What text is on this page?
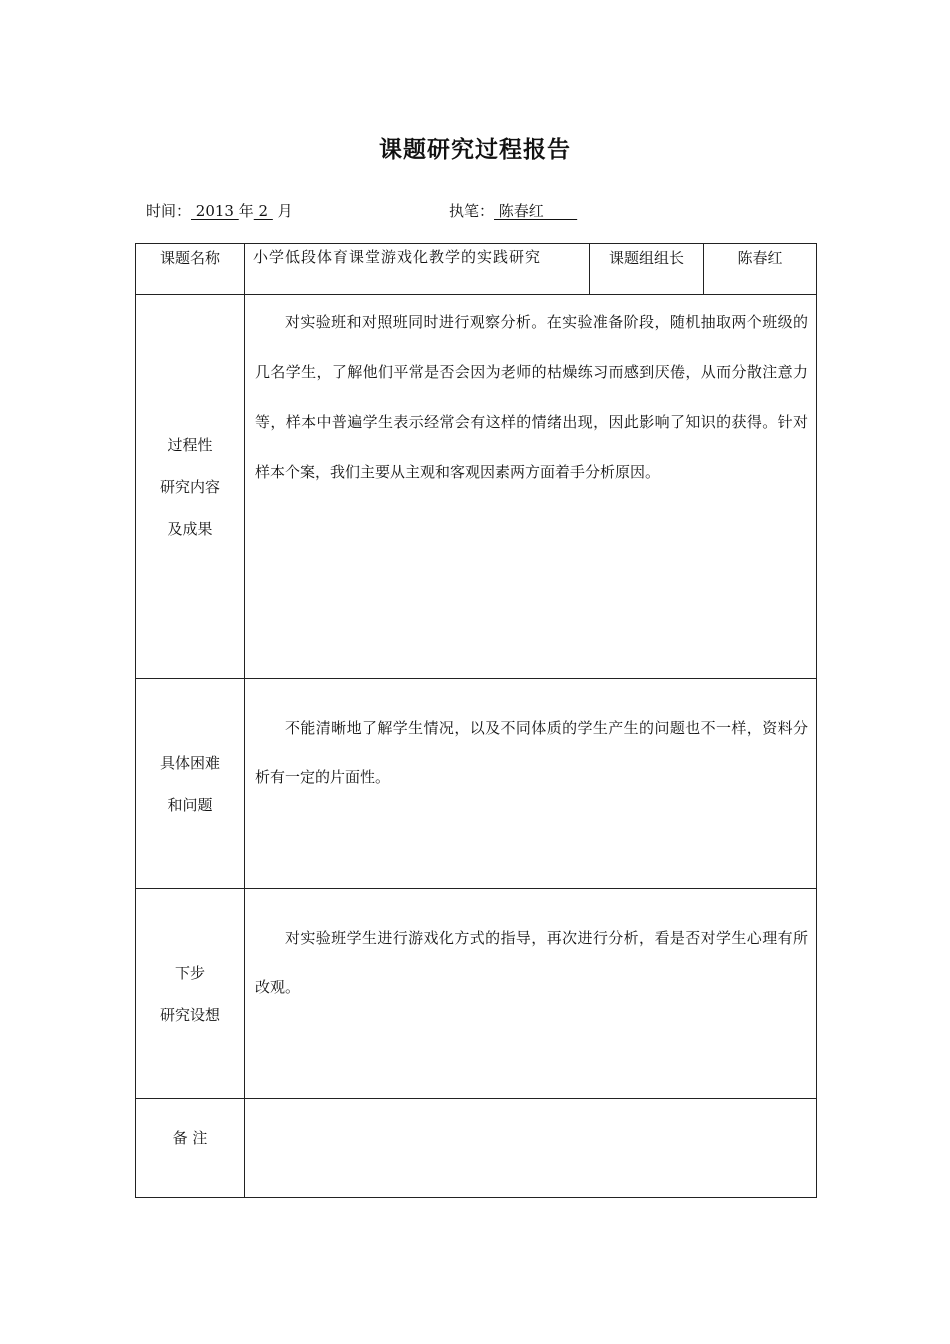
课题研究过程报告
时间： 2013 年 2  月	执笔： 陈春红
课题名称	小学低段体育课堂游戏化教学的实践研究	课题组组长	陈春红

过程性
研究内容
及成果	对实验班和对照班同时进行观察分析。在实验准备阶段，随机抽取两个班级的几名学生，了解他们平常是否会因为老师的枯燥练习而感到厌倦，从而分散注意力等，样本中普遍学生表示经常会有这样的情绪出现，因此影响了知识的获得。针对样本个案，我们主要从主观和客观因素两方面着手分析原因。		

具体困难
和问题	不能清晰地了解学生情况，以及不同体质的学生产生的问题也不一样，资料分析有一定的片面性。		

下步
研究设想	对实验班学生进行游戏化方式的指导，再次进行分析，看是否对学生心理有所改观。		
备 注			
